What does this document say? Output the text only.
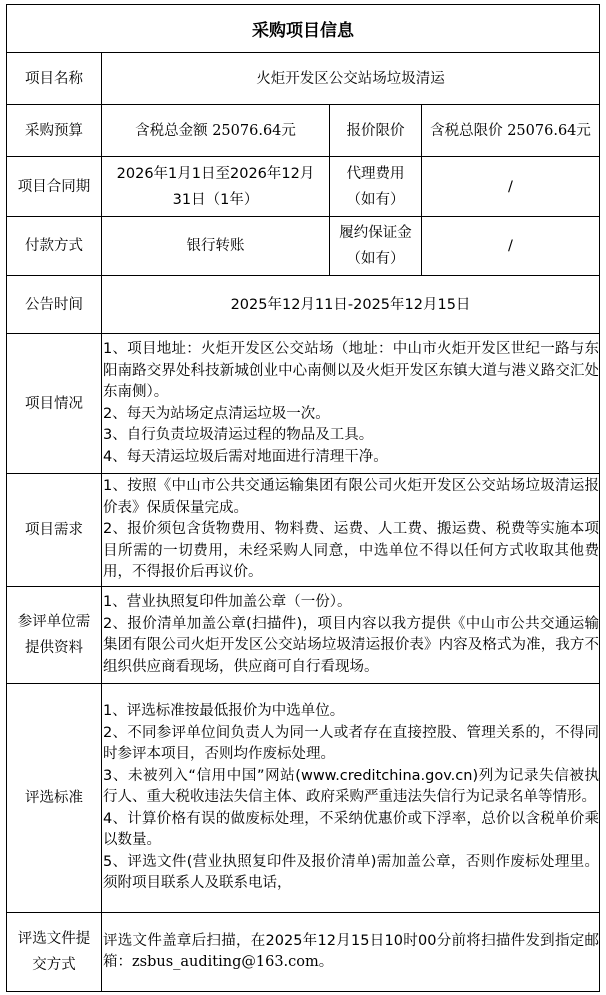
采购项目信息			
项目名称	火炬开发区公交站场垃圾清运		
采购预算	含税总金额 25076.64元	报价限价	含税总限价 25076.64元
项目合同期	2026年1月1日至2026年12月31日（1年）	代理费用（如有）	/
付款方式	银行转账	履约保证金（如有）	/
公告时间	2025年12月11日-2025年12月15日		
项目情况	1、项目地址：火炬开发区公交站场（地址：中山市火炬开发区世纪一路与东阳南路交界处科技新城创业中心南侧以及火炬开发区东镇大道与港义路交汇处东南侧）。
2、每天为站场定点清运垃圾一次。
3、自行负责垃圾清运过程的物品及工具。
4、每天清运垃圾后需对地面进行清理干净。		

项目需求	1、按照《中山市公共交通运输集团有限公司火炬开发区公交站场垃圾清运报价表》保质保量完成。
2、报价须包含货物费用、物料费、运费、人工费、搬运费、税费等实施本项目所需的一切费用，未经采购人同意，中选单位不得以任何方式收取其他费用，不得报价后再议价。		

参评单位需提供资料	1、营业执照复印件加盖公章（一份）。
2、报价清单加盖公章(扫描件)，项目内容以我方提供《中山市公共交通运输集团有限公司火炬开发区公交站场垃圾清运报价表》内容及格式为准，我方不组织供应商看现场，供应商可自行看现场。		

评选标准	1、评选标准按最低报价为中选单位。
2、不同参评单位间负责人为同一人或者存在直接控股、管理关系的，不得同时参评本项目，否则均作废标处理。
3、未被列入“信用中国”网站(www.creditchina.gov.cn)列为记录失信被执行人、重大税收违法失信主体、政府采购严重违法失信行为记录名单等情形。
4、计算价格有误的做废标处理，不采纳优惠价或下浮率，总价以含税单价乘以数量。
5、评选文件(营业执照复印件及报价清单)需加盖公章，否则作废标处理里。须附项目联系人及联系电话，		

评选文件提交方式	评选文件盖章后扫描，在2025年12月15日10时00分前将扫描件发到指定邮箱：zsbus_auditing@163.com。		
